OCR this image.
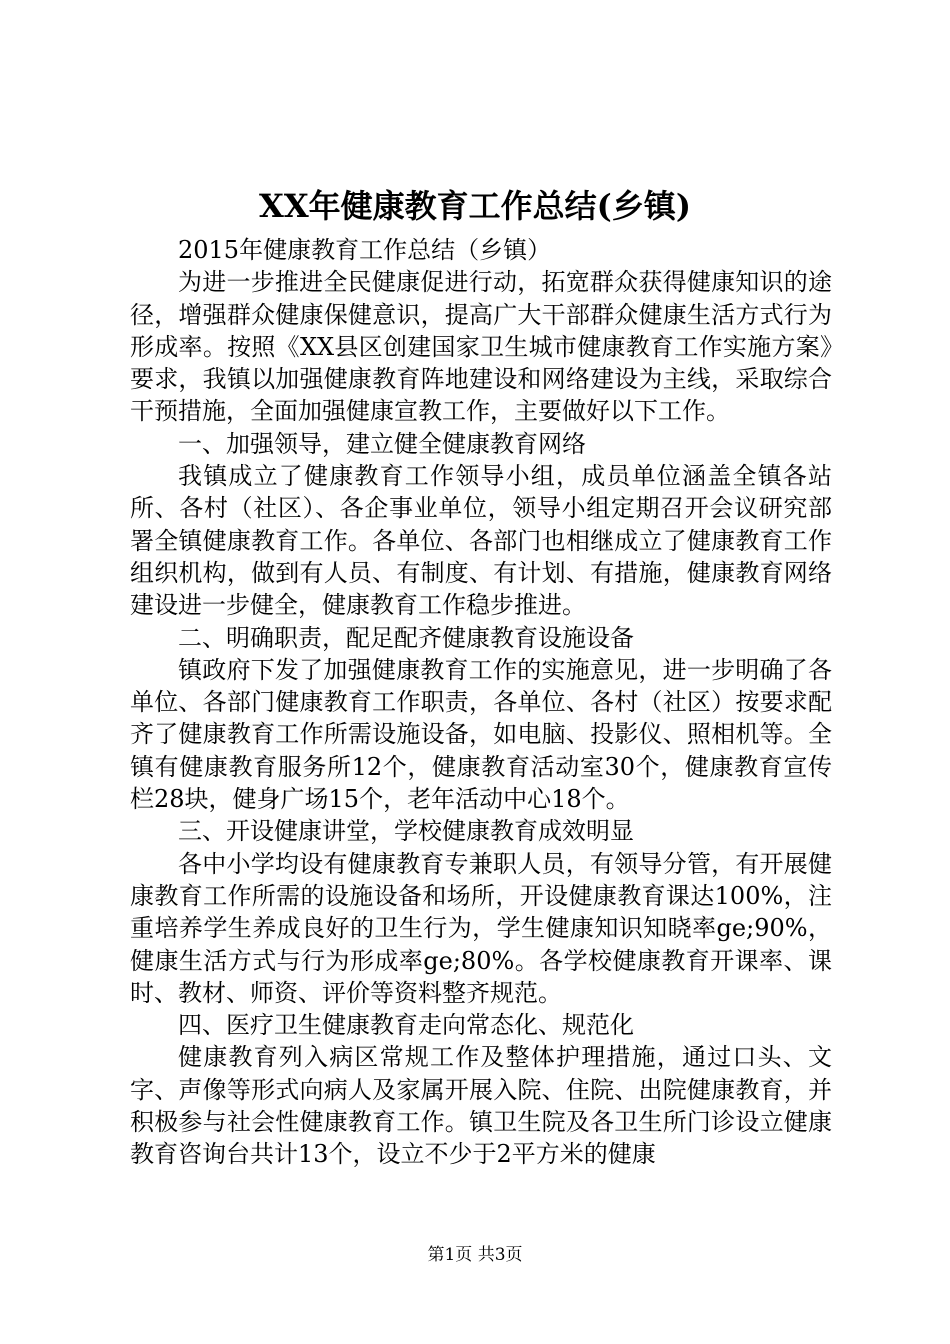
XX年健康教育工作总结(乡镇)

2015年健康教育工作总结（乡镇）

为进一步推进全民健康促进行动，拓宽群众获得健康知识的途径，增强群众健康保健意识，提高广大干部群众健康生活方式行为形成率。按照《XX县区创建国家卫生城市健康教育工作实施方案》要求，我镇以加强健康教育阵地建设和网络建设为主线，采取综合干预措施，全面加强健康宣教工作，主要做好以下工作。

一、加强领导，建立健全健康教育网络

我镇成立了健康教育工作领导小组，成员单位涵盖全镇各站所、各村（社区）、各企事业单位，领导小组定期召开会议研究部署全镇健康教育工作。各单位、各部门也相继成立了健康教育工作组织机构，做到有人员、有制度、有计划、有措施，健康教育网络建设进一步健全，健康教育工作稳步推进。

二、明确职责，配足配齐健康教育设施设备

镇政府下发了加强健康教育工作的实施意见，进一步明确了各单位、各部门健康教育工作职责，各单位、各村（社区）按要求配齐了健康教育工作所需设施设备，如电脑、投影仪、照相机等。全镇有健康教育服务所12个，健康教育活动室30个，健康教育宣传栏28块，健身广场15个，老年活动中心18个。

三、开设健康讲堂，学校健康教育成效明显

各中小学均设有健康教育专兼职人员，有领导分管，有开展健康教育工作所需的设施设备和场所，开设健康教育课达100%，注重培养学生养成良好的卫生行为，学生健康知识知晓率ge;90%，健康生活方式与行为形成率ge;80%。各学校健康教育开课率、课时、教材、师资、评价等资料整齐规范。

四、医疗卫生健康教育走向常态化、规范化

健康教育列入病区常规工作及整体护理措施，通过口头、文字、声像等形式向病人及家属开展入院、住院、出院健康教育，并积极参与社会性健康教育工作。镇卫生院及各卫生所门诊设立健康教育咨询台共计13个，设立不少于2平方米的健康

第1页 共3页
